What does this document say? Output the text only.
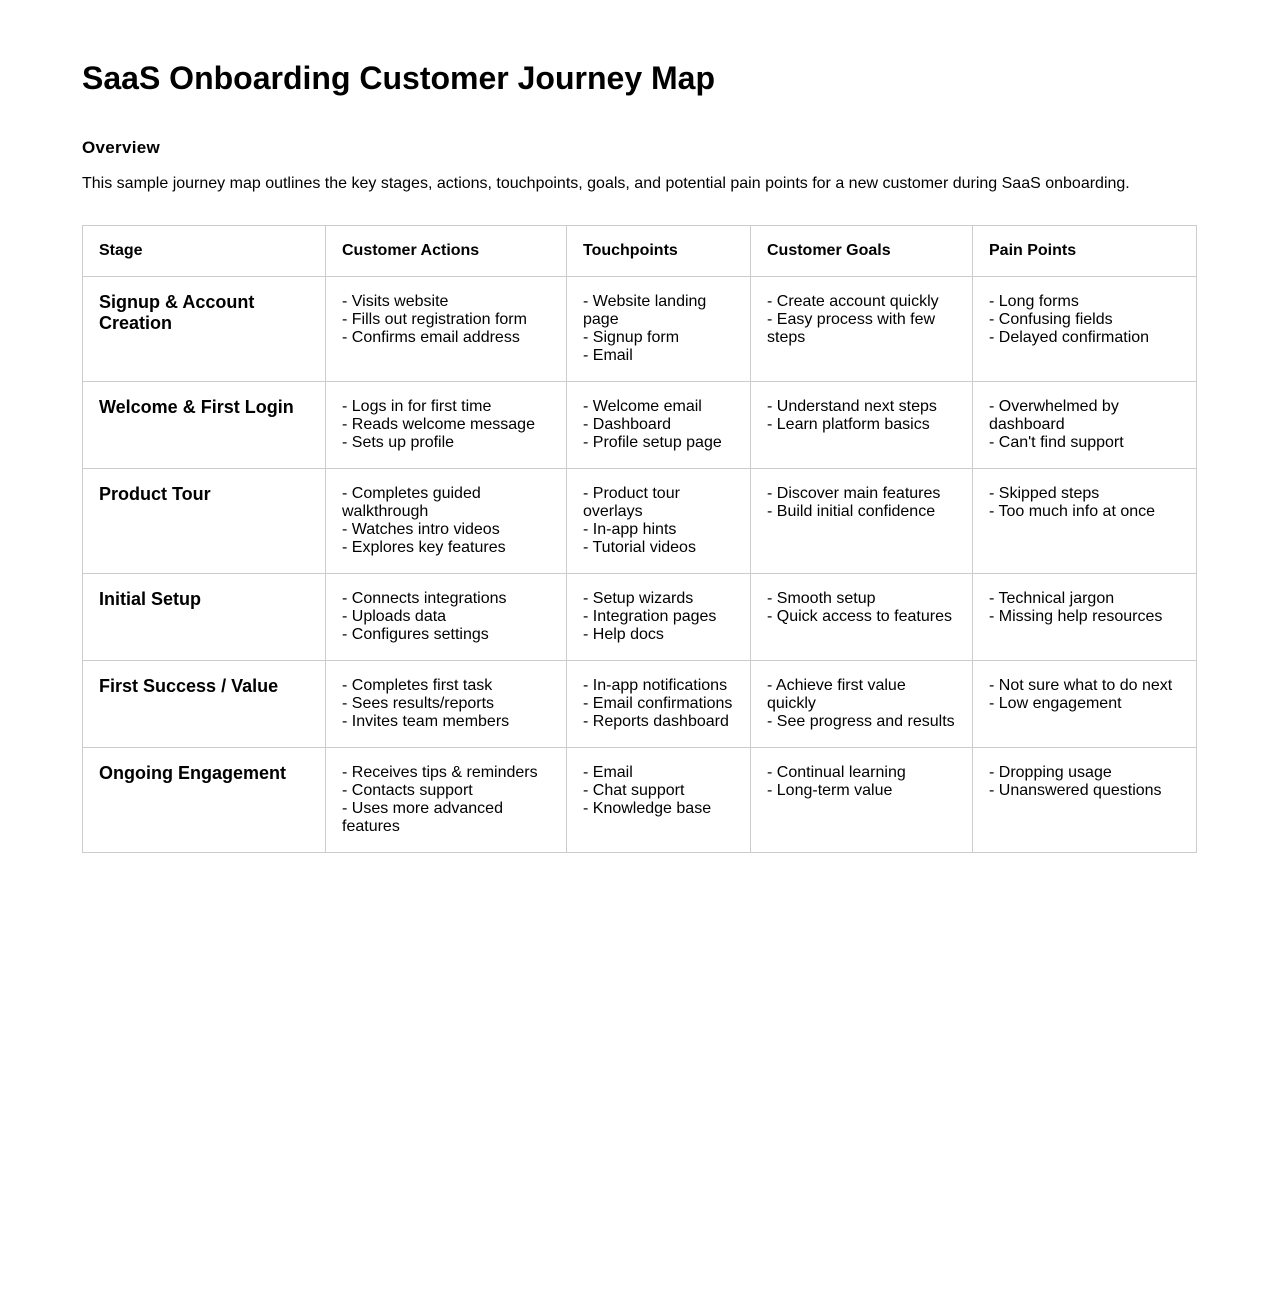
SaaS Onboarding Customer Journey Map
Overview

This sample journey map outlines the key stages, actions, touchpoints, goals, and potential pain points for a new customer during SaaS onboarding.

Stage	Customer Actions	Touchpoints	Customer Goals	Pain Points
Signup & Account Creation	- Visits website
- Fills out registration form
- Confirms email address	- Website landing page
- Signup form
- Email	- Create account quickly
- Easy process with few steps	- Long forms
- Confusing fields
- Delayed confirmation

Welcome & First Login	- Logs in for first time
- Reads welcome message
- Sets up profile	- Welcome email
- Dashboard
- Profile setup page	- Understand next steps
- Learn platform basics	- Overwhelmed by dashboard
- Can't find support

Product Tour	- Completes guided walkthrough
- Watches intro videos
- Explores key features	- Product tour overlays
- In-app hints
- Tutorial videos	- Discover main features
- Build initial confidence	- Skipped steps
- Too much info at once

Initial Setup	- Connects integrations
- Uploads data
- Configures settings	- Setup wizards
- Integration pages
- Help docs	- Smooth setup
- Quick access to features	- Technical jargon
- Missing help resources

First Success / Value	- Completes first task
- Sees results/reports
- Invites team members	- In-app notifications
- Email confirmations
- Reports dashboard	- Achieve first value quickly
- See progress and results	- Not sure what to do next
- Low engagement

Ongoing Engagement	- Receives tips & reminders
- Contacts support
- Uses more advanced features	- Email
- Chat support
- Knowledge base	- Continual learning
- Long-term value	- Dropping usage
- Unanswered questions
